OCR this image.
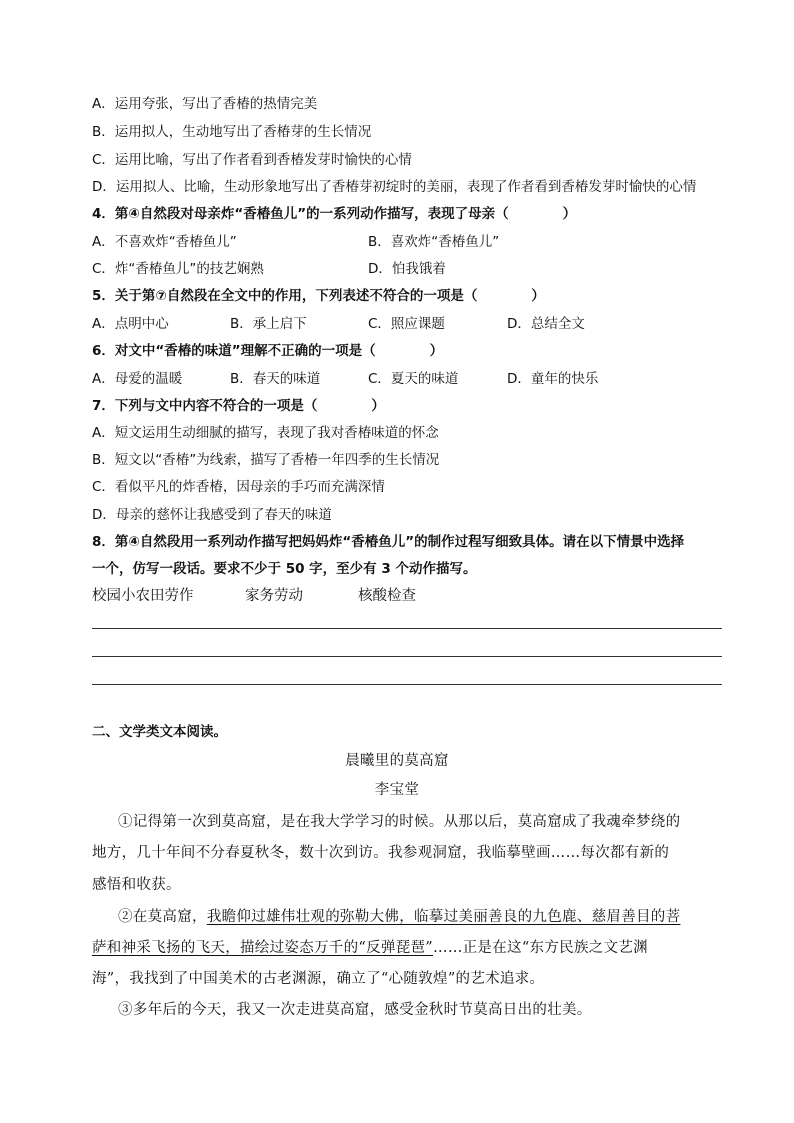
A．运用夸张，写出了香椿的热情完美
B．运用拟人，生动地写出了香椿芽的生长情况
C．运用比喻，写出了作者看到香椿发芽时愉快的心情
D．运用拟人、比喻，生动形象地写出了香椿芽初绽时的美丽，表现了作者看到香椿发芽时愉快的心情
4．第④自然段对母亲炸“香椿鱼儿”的一系列动作描写，表现了母亲（　　　　）
A．不喜欢炸“香椿鱼儿”	B．喜欢炸“香椿鱼儿”
C．炸“香椿鱼儿”的技艺娴熟	D．怕我饿着
5．关于第⑦自然段在全文中的作用，下列表述不符合的一项是（　　　　）
A．点明中心	B．承上启下	C．照应课题	D．总结全文
6．对文中“香椿的味道”理解不正确的一项是（　　　　）
A．母爱的温暖	B．春天的味道	C．夏天的味道	D．童年的快乐
7．下列与文中内容不符合的一项是（　　　　）
A．短文运用生动细腻的描写，表现了我对香椿味道的怀念
B．短文以“香椿”为线索，描写了香椿一年四季的生长情况
C．看似平凡的炸香椿，因母亲的手巧而充满深情
D．母亲的慈怀让我感受到了春天的味道
8．第④自然段用一系列动作描写把妈妈炸“香椿鱼儿”的制作过程写细致具体。请在以下情景中选择
一个，仿写一段话。要求不少于 50 字，至少有 3 个动作描写。
校园小农田劳作	家务劳动	核酸检查
二、文学类文本阅读。
晨曦里的莫高窟
李宝堂
①记得第一次到莫高窟，是在我大学学习的时候。从那以后，莫高窟成了我魂牵梦绕的
地方，几十年间不分春夏秋冬，数十次到访。我参观洞窟，我临摹壁画……每次都有新的
感悟和收获。
②在莫高窟，我瞻仰过雄伟壮观的弥勒大佛，临摹过美丽善良的九色鹿、慈眉善目的菩
萨和神采飞扬的飞天，描绘过姿态万千的“反弹琵琶”……正是在这“东方民族之文艺渊
海”，我找到了中国美术的古老渊源，确立了“心随敦煌”的艺术追求。
③多年后的今天，我又一次走进莫高窟，感受金秋时节莫高日出的壮美。
